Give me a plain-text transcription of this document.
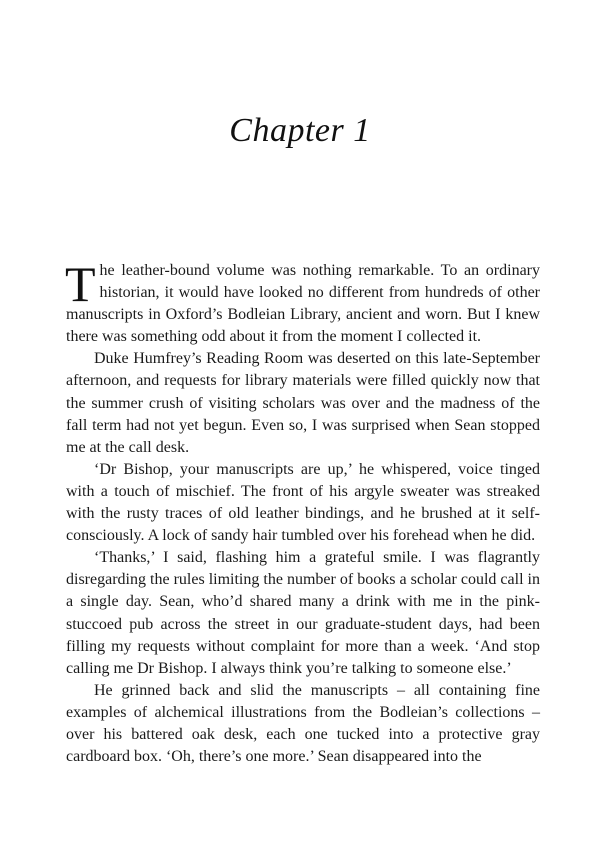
Chapter 1

The leather-bound volume was nothing remarkable. To an ordinary historian, it would have looked no different from hundreds of other manuscripts in Oxford’s Bodleian Library, ancient and worn. But I knew there was something odd about it from the moment I collected it.

Duke Humfrey’s Reading Room was deserted on this late-September afternoon, and requests for library materials were filled quickly now that the summer crush of visiting scholars was over and the madness of the fall term had not yet begun. Even so, I was surprised when Sean stopped me at the call desk.

‘Dr Bishop, your manuscripts are up,’ he whispered, voice tinged with a touch of mischief. The front of his argyle sweater was streaked with the rusty traces of old leather bindings, and he brushed at it self-consciously. A lock of sandy hair tumbled over his forehead when he did.

‘Thanks,’ I said, flashing him a grateful smile. I was flagrantly disregarding the rules limiting the number of books a scholar could call in a single day. Sean, who’d shared many a drink with me in the pink-stuccoed pub across the street in our graduate-student days, had been filling my requests without complaint for more than a week. ‘And stop calling me Dr Bishop. I always think you’re talking to someone else.’

He grinned back and slid the manuscripts – all containing fine examples of alchemical illustrations from the Bodleian’s collections – over his battered oak desk, each one tucked into a protective gray cardboard box. ‘Oh, there’s one more.’ Sean disappeared into the
